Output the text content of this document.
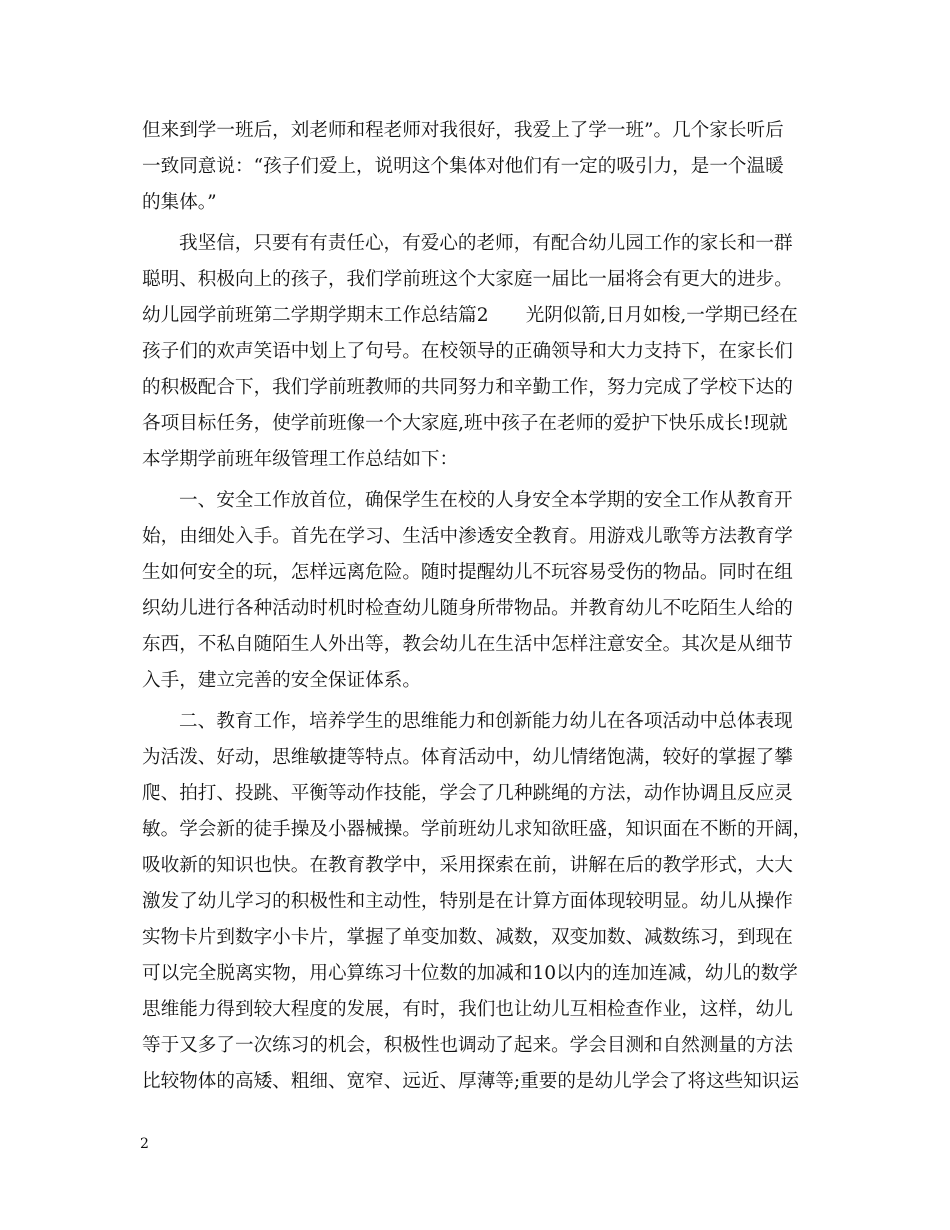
但来到学一班后，刘老师和程老师对我很好，我爱上了学一班”。几个家长听后
一致同意说：“孩子们爱上，说明这个集体对他们有一定的吸引力，是一个温暖
的集体。”
我坚信，只要有有责任心，有爱心的老师，有配合幼儿园工作的家长和一群
聪明、积极向上的孩子，我们学前班这个大家庭一届比一届将会有更大的进步。
幼儿园学前班第二学期学期末工作总结篇2　　光阴似箭,日月如梭,一学期已经在
孩子们的欢声笑语中划上了句号。在校领导的正确领导和大力支持下，在家长们
的积极配合下，我们学前班教师的共同努力和辛勤工作，努力完成了学校下达的
各项目标任务，使学前班像一个大家庭,班中孩子在老师的爱护下快乐成长!现就
本学期学前班年级管理工作总结如下：
一、安全工作放首位，确保学生在校的人身安全本学期的安全工作从教育开
始，由细处入手。首先在学习、生活中渗透安全教育。用游戏儿歌等方法教育学
生如何安全的玩，怎样远离危险。随时提醒幼儿不玩容易受伤的物品。同时在组
织幼儿进行各种活动时机时检查幼儿随身所带物品。并教育幼儿不吃陌生人给的
东西，不私自随陌生人外出等，教会幼儿在生活中怎样注意安全。其次是从细节
入手，建立完善的安全保证体系。
二、教育工作，培养学生的思维能力和创新能力幼儿在各项活动中总体表现
为活泼、好动，思维敏捷等特点。体育活动中，幼儿情绪饱满，较好的掌握了攀
爬、拍打、投跳、平衡等动作技能，学会了几种跳绳的方法，动作协调且反应灵
敏。学会新的徒手操及小器械操。学前班幼儿求知欲旺盛，知识面在不断的开阔，
吸收新的知识也快。在教育教学中，采用探索在前，讲解在后的教学形式，大大
激发了幼儿学习的积极性和主动性，特别是在计算方面体现较明显。幼儿从操作
实物卡片到数字小卡片，掌握了单变加数、减数，双变加数、减数练习，到现在
可以完全脱离实物，用心算练习十位数的加减和10以内的连加连减，幼儿的数学
思维能力得到较大程度的发展，有时，我们也让幼儿互相检查作业，这样，幼儿
等于又多了一次练习的机会，积极性也调动了起来。学会目测和自然测量的方法
比较物体的高矮、粗细、宽窄、远近、厚薄等;重要的是幼儿学会了将这些知识运
2
